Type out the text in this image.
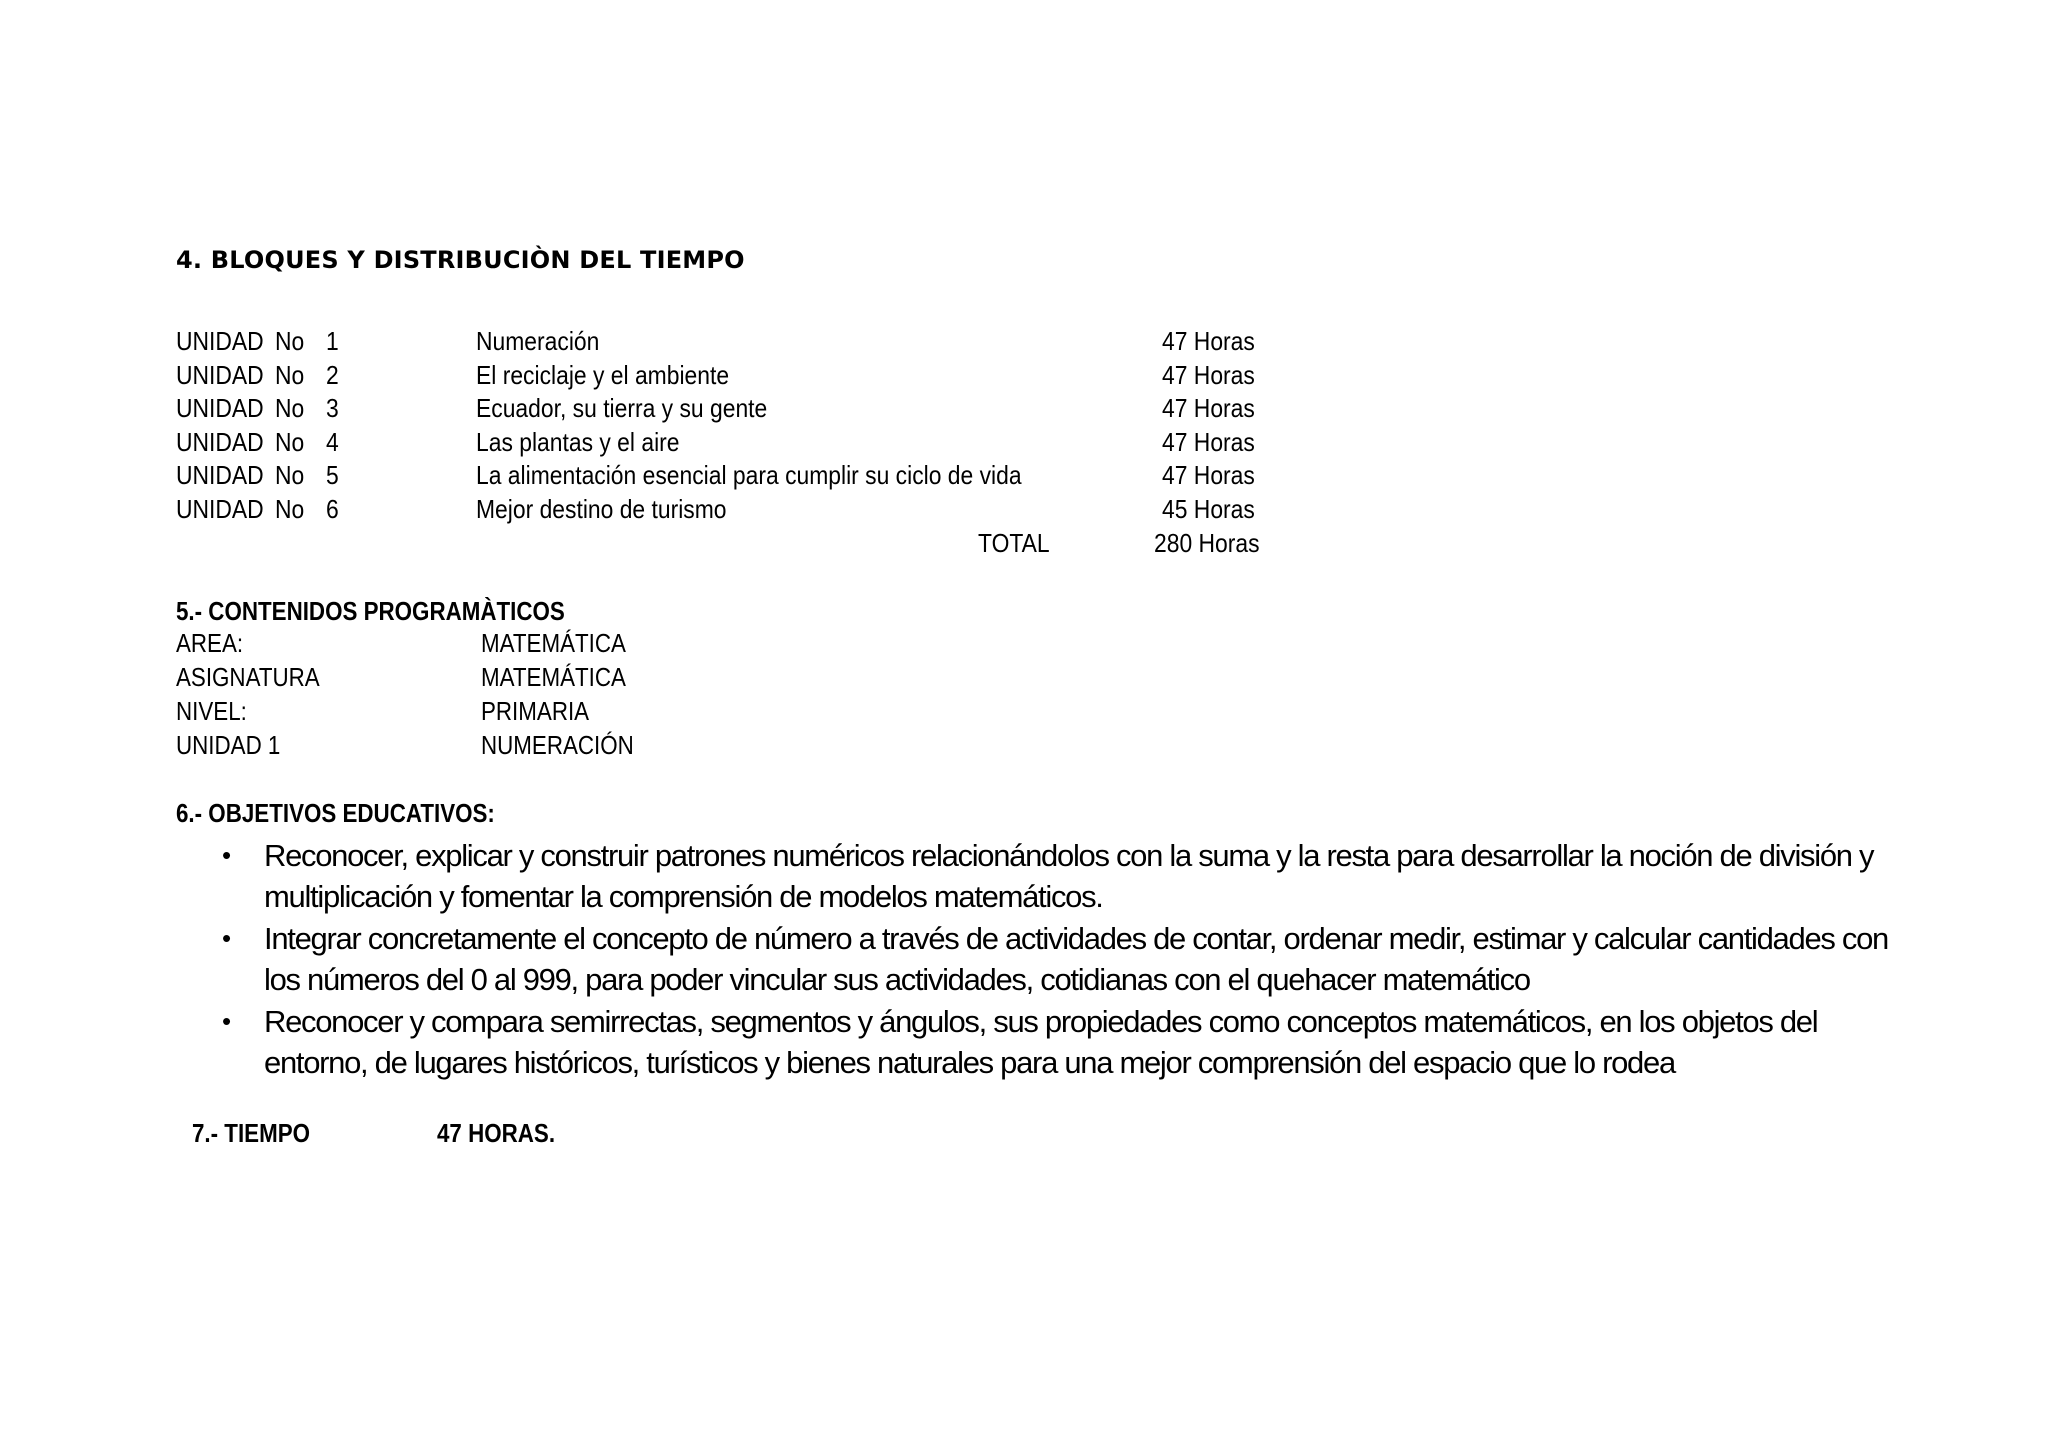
4. BLOQUES Y DISTRIBUCIÒN DEL TIEMPO
UNIDAD No 1	Numeración	47 Horas
UNIDAD No 2	El reciclaje y el ambiente	47 Horas
UNIDAD No 3	Ecuador, su tierra y su gente	47 Horas
UNIDAD No 4	Las plantas y el aire	47 Horas
UNIDAD No 5	La alimentación esencial para cumplir su ciclo de vida	47 Horas
UNIDAD No 6	Mejor destino de turismo	45 Horas
TOTAL	280 Horas
5.- CONTENIDOS PROGRAMÀTICOS
AREA:	MATEMÁTICA
ASIGNATURA	MATEMÁTICA
NIVEL:	PRIMARIA
UNIDAD 1	NUMERACIÓN
6.- OBJETIVOS EDUCATIVOS:
• Reconocer, explicar y construir patrones numéricos relacionándolos con la suma y la resta para desarrollar la noción de división y multiplicación y fomentar la comprensión de modelos matemáticos.
• Integrar concretamente el concepto de número a través de actividades de contar, ordenar medir, estimar y calcular cantidades con los números del 0 al 999, para poder vincular sus actividades, cotidianas con el quehacer matemático
• Reconocer y compara semirrectas, segmentos y ángulos, sus propiedades como conceptos matemáticos, en los objetos del entorno, de lugares históricos, turísticos y bienes naturales para una mejor comprensión del espacio que lo rodea
7.- TIEMPO	47 HORAS.
